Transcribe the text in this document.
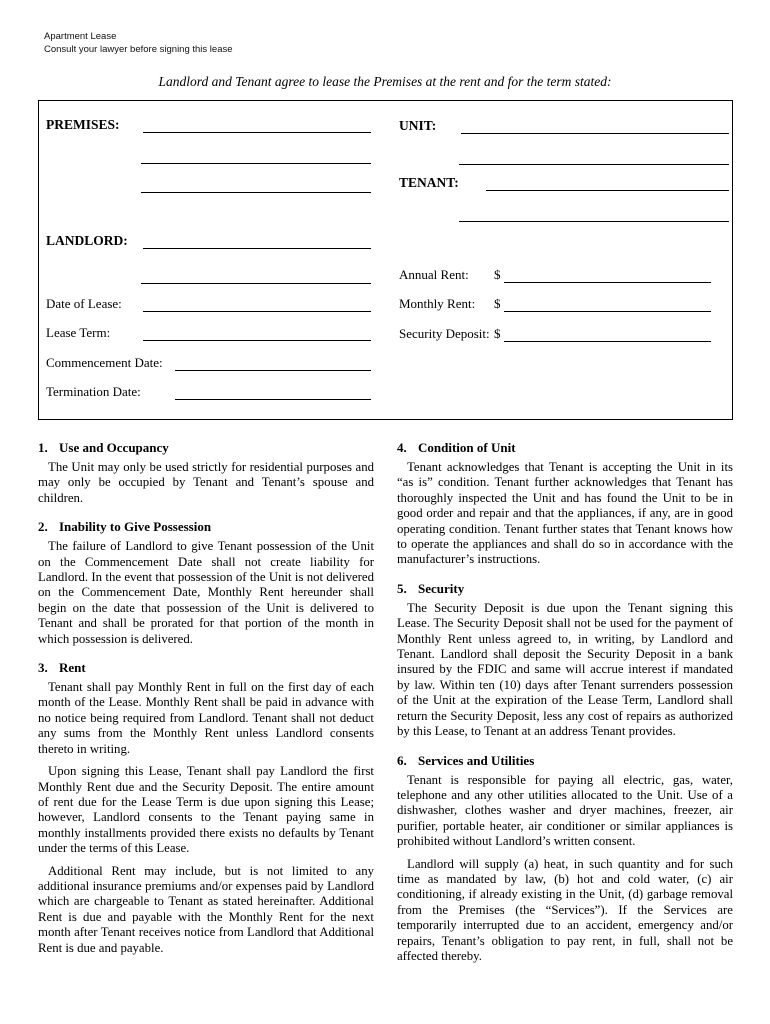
Apartment Lease
Consult your lawyer before signing this lease
Landlord and Tenant agree to lease the Premises at the rent and for the term stated:
PREMISES:
LANDLORD:
Date of Lease:
Lease Term:
Commencement Date:
Termination Date:
UNIT:
TENANT:
Annual Rent:	$
Monthly Rent:	$
Security Deposit: $
1. Use and Occupancy

The Unit may only be used strictly for residential purposes and may only be occupied by Tenant and Tenant’s spouse and children.

2. Inability to Give Possession

The failure of Landlord to give Tenant possession of the Unit on the Commencement Date shall not create liability for Landlord. In the event that possession of the Unit is not delivered on the Commencement Date, Monthly Rent hereunder shall begin on the date that possession of the Unit is delivered to Tenant and shall be prorated for that portion of the month in which possession is delivered.

3. Rent

Tenant shall pay Monthly Rent in full on the first day of each month of the Lease. Monthly Rent shall be paid in advance with no notice being required from Landlord. Tenant shall not deduct any sums from the Monthly Rent unless Landlord consents thereto in writing.

Upon signing this Lease, Tenant shall pay Landlord the first Monthly Rent due and the Security Deposit. The entire amount of rent due for the Lease Term is due upon signing this Lease; however, Landlord consents to the Tenant paying same in monthly installments provided there exists no defaults by Tenant under the terms of this Lease.

Additional Rent may include, but is not limited to any additional insurance premiums and/or expenses paid by Landlord which are chargeable to Tenant as stated hereinafter. Additional Rent is due and payable with the Monthly Rent for the next month after Tenant receives notice from Landlord that Additional Rent is due and payable.

4. Condition of Unit

Tenant acknowledges that Tenant is accepting the Unit in its “as is” condition. Tenant further acknowledges that Tenant has thoroughly inspected the Unit and has found the Unit to be in good order and repair and that the appliances, if any, are in good operating condition. Tenant further states that Tenant knows how to operate the appliances and shall do so in accordance with the manufacturer’s instructions.

5. Security

The Security Deposit is due upon the Tenant signing this Lease. The Security Deposit shall not be used for the payment of Monthly Rent unless agreed to, in writing, by Landlord and Tenant. Landlord shall deposit the Security Deposit in a bank insured by the FDIC and same will accrue interest if mandated by law. Within ten (10) days after Tenant surrenders possession of the Unit at the expiration of the Lease Term, Landlord shall return the Security Deposit, less any cost of repairs as authorized by this Lease, to Tenant at an address Tenant provides.

6. Services and Utilities

Tenant is responsible for paying all electric, gas, water, telephone and any other utilities allocated to the Unit. Use of a dishwasher, clothes washer and dryer machines, freezer, air purifier, portable heater, air conditioner or similar appliances is prohibited without Landlord’s written consent.

Landlord will supply (a) heat, in such quantity and for such time as mandated by law, (b) hot and cold water, (c) air conditioning, if already existing in the Unit, (d) garbage removal from the Premises (the “Services”). If the Services are temporarily interrupted due to an accident, emergency and/or repairs, Tenant’s obligation to pay rent, in full, shall not be affected thereby.
